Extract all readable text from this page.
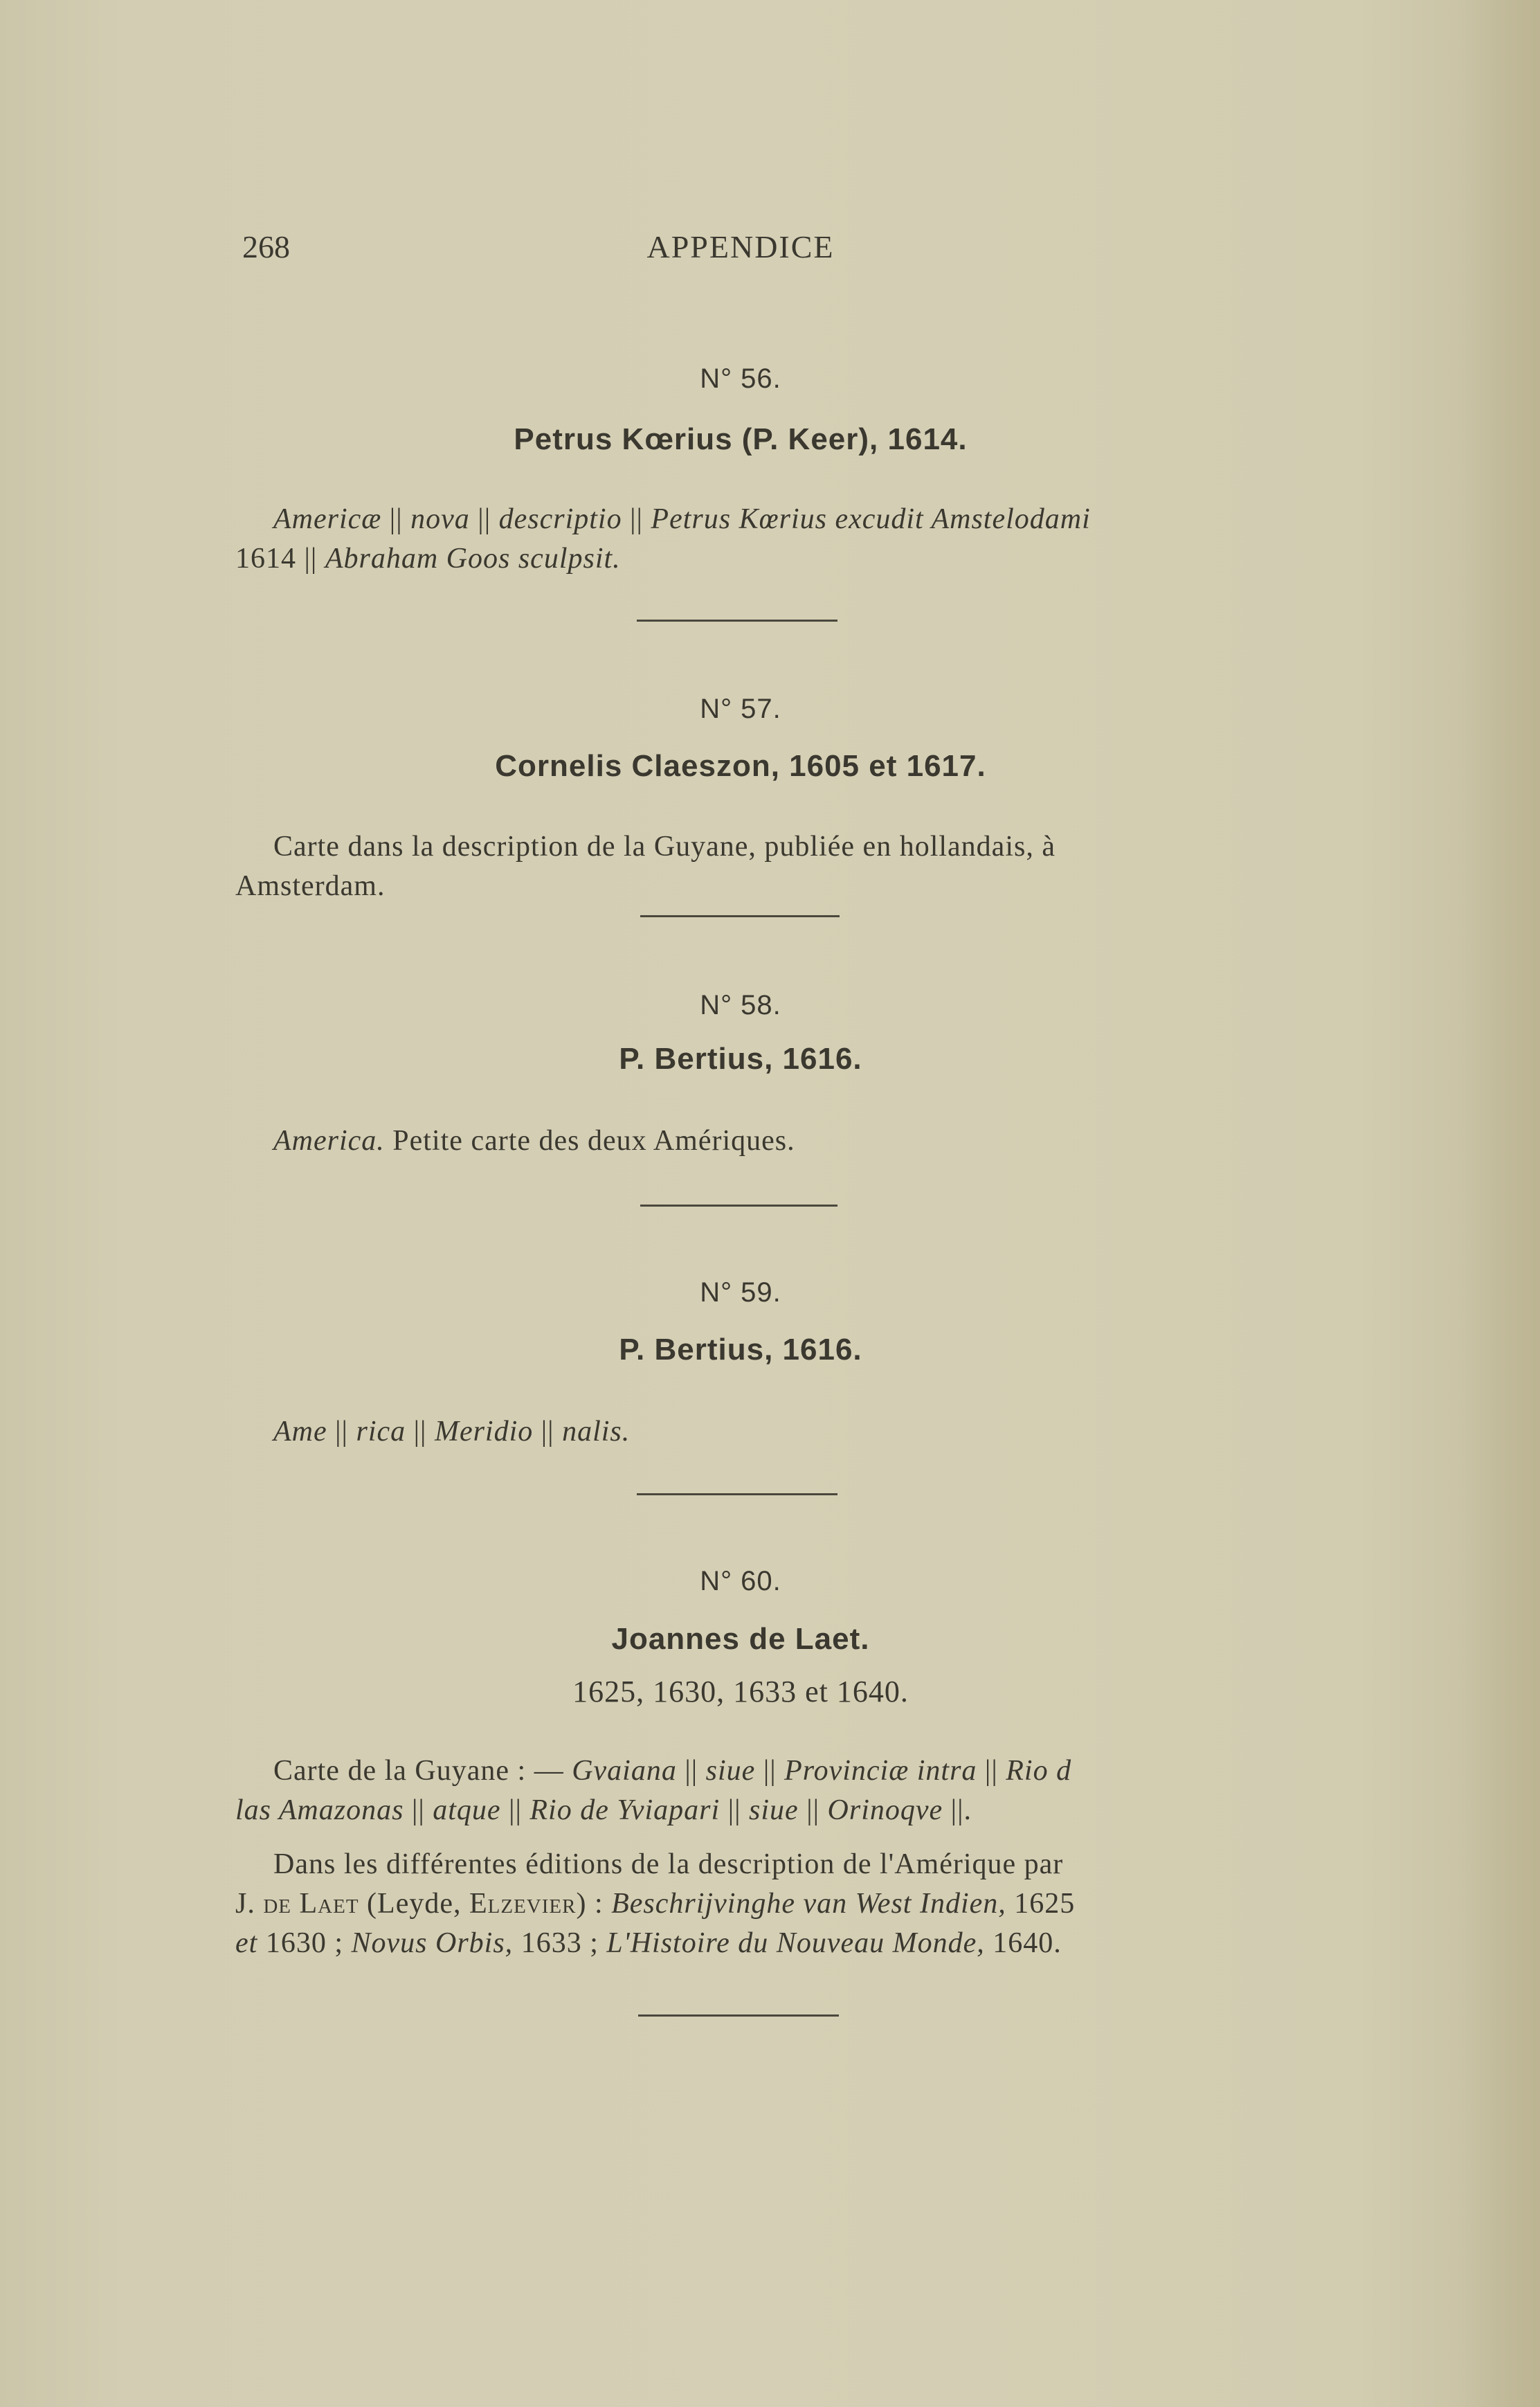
268	APPENDICE
N° 56.
Petrus Kœrius (P. Keer), 1614.
Americæ || nova || descriptio || Petrus Kœrius excudit Amstelodami
1614 || Abraham Goos sculpsit.
N° 57.
Cornelis Claeszon, 1605 et 1617.
Carte dans la description de la Guyane, publiée en hollandais, à
Amsterdam.
N° 58.
P. Bertius, 1616.
America. Petite carte des deux Amériques.
N° 59.
P. Bertius, 1616.
Ame || rica || Meridio || nalis.
N° 60.
Joannes de Laet.
1625, 1630, 1633 et 1640.
Carte de la Guyane : — Gvaiana || siue || Provinciæ intra || Rio d
las Amazonas || atque || Rio de Yviapari || siue || Orinoqve ||.
Dans les différentes éditions de la description de l'Amérique par
J. de Laet (Leyde, Elzevier) : Beschrijvinghe van West Indien, 1625
et 1630 ; Novus Orbis, 1633 ; L'Histoire du Nouveau Monde, 1640.
